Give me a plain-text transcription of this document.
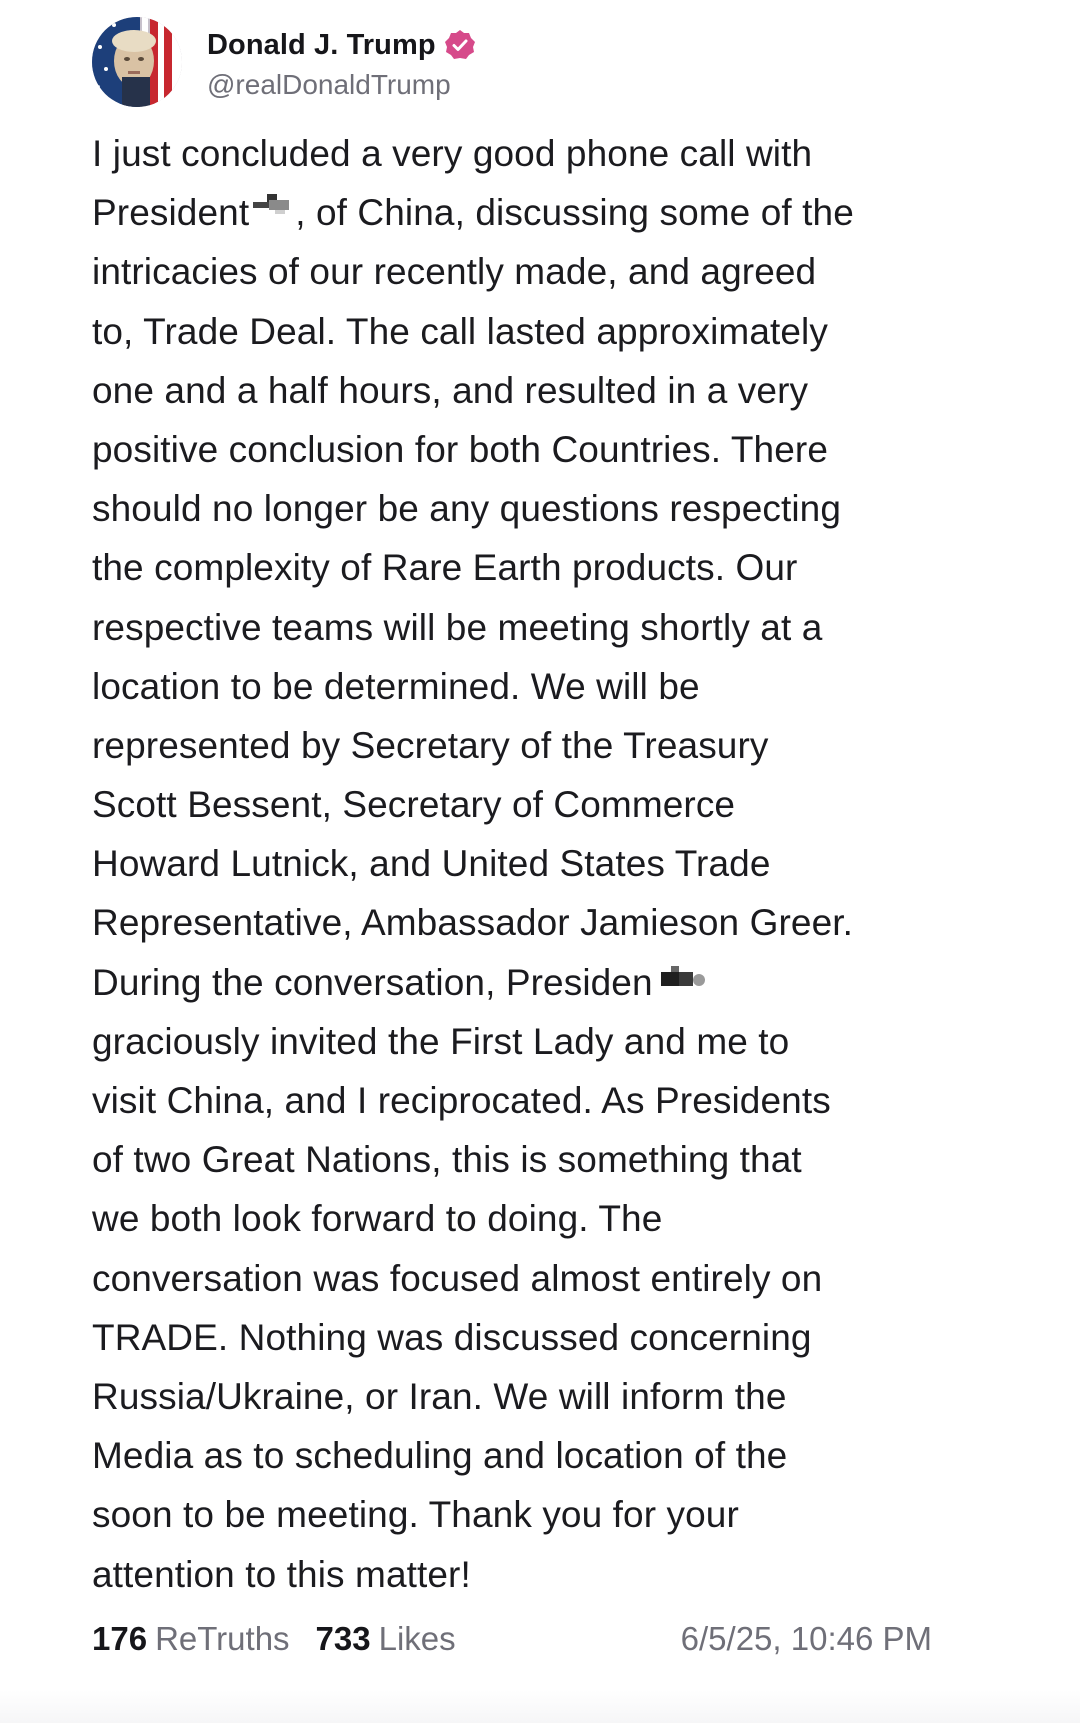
Donald J. Trump
@realDonaldTrump
I just concluded a very good phone call with
President , of China, discussing some of the
intricacies of our recently made, and agreed
to, Trade Deal. The call lasted approximately
one and a half hours, and resulted in a very
positive conclusion for both Countries. There
should no longer be any questions respecting
the complexity of Rare Earth products. Our
respective teams will be meeting shortly at a
location to be determined. We will be
represented by Secretary of the Treasury
Scott Bessent, Secretary of Commerce
Howard Lutnick, and United States Trade
Representative, Ambassador Jamieson Greer.
During the conversation, Presiden
graciously invited the First Lady and me to
visit China, and I reciprocated. As Presidents
of two Great Nations, this is something that
we both look forward to doing. The
conversation was focused almost entirely on
TRADE. Nothing was discussed concerning
Russia/Ukraine, or Iran. We will inform the
Media as to scheduling and location of the
soon to be meeting. Thank you for your
attention to this matter!
176 ReTruths 733 Likes	6/5/25, 10:46 PM
